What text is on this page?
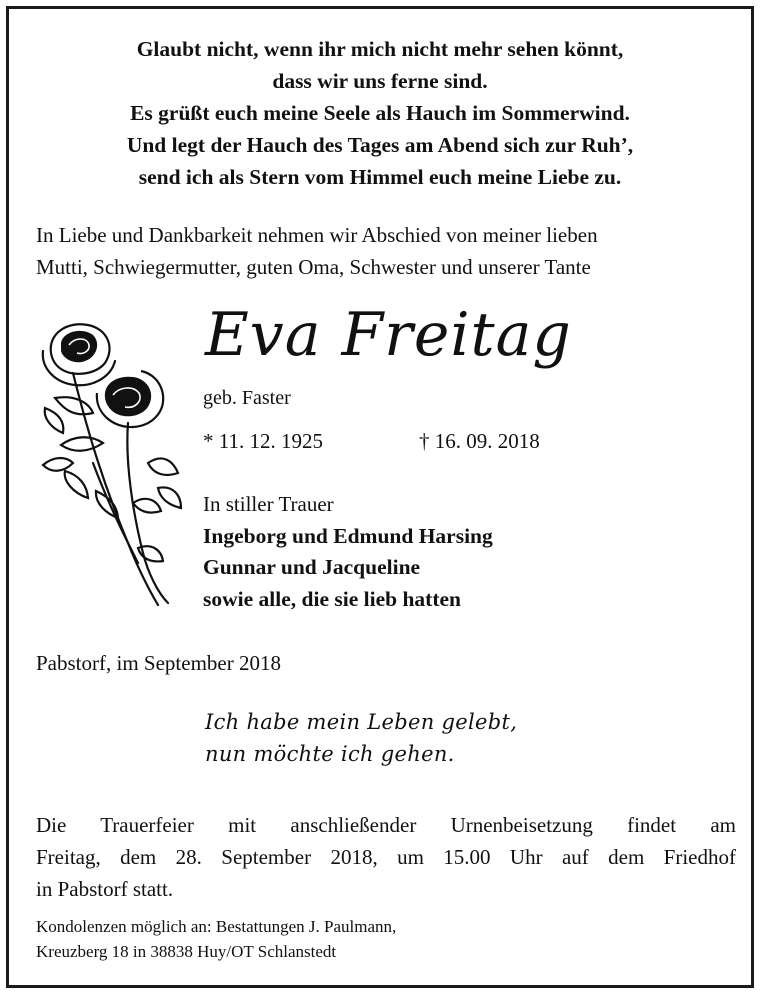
Glaubt nicht, wenn ihr mich nicht mehr sehen könnt,
dass wir uns ferne sind.
Es grüßt euch meine Seele als Hauch im Sommerwind.
Und legt der Hauch des Tages am Abend sich zur Ruh’,
send ich als Stern vom Himmel euch meine Liebe zu.
In Liebe und Dankbarkeit nehmen wir Abschied von meiner lieben
Mutti, Schwiegermutter, guten Oma, Schwester und unserer Tante
Eva Freitag
geb. Faster
* 11. 12. 1925	† 16. 09. 2018
In stiller Trauer
Ingeborg und Edmund Harsing
Gunnar und Jacqueline
sowie alle, die sie lieb hatten
Pabstorf, im September 2018
Ich habe mein Leben gelebt,
nun möchte ich gehen.
Die Trauerfeier mit anschließender Urnenbeisetzung findet am
Freitag, dem 28. September 2018, um 15.00 Uhr auf dem Friedhof
in Pabstorf statt.
Kondolenzen möglich an: Bestattungen J. Paulmann,
Kreuzberg 18 in 38838 Huy/OT Schlanstedt
